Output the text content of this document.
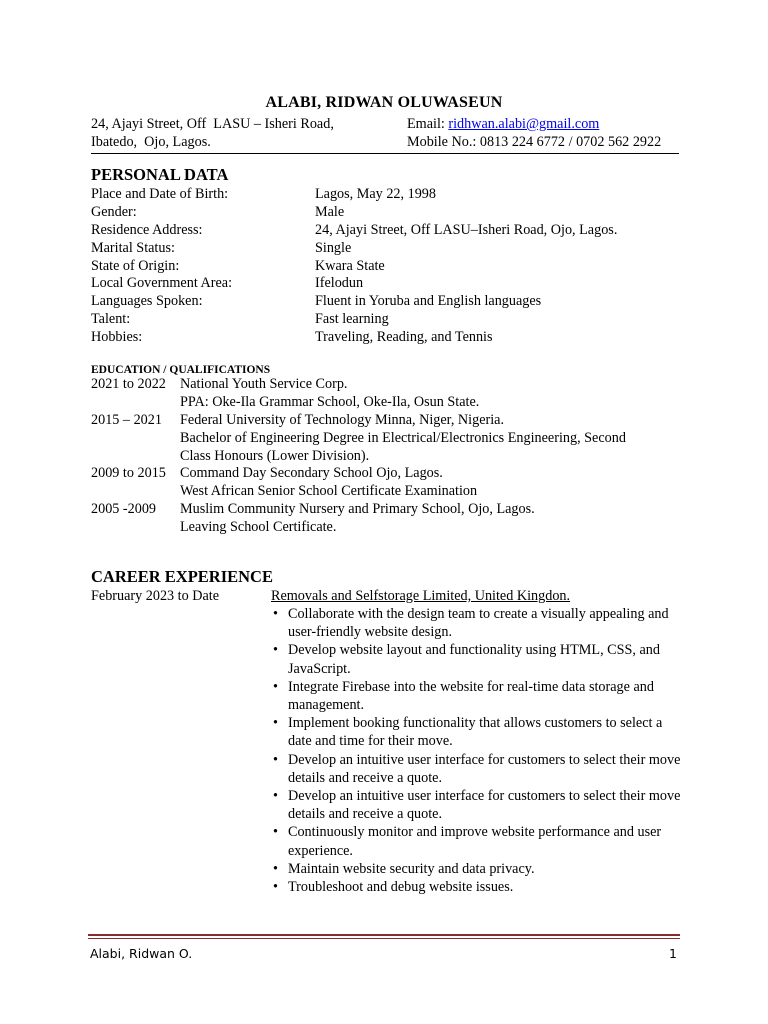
ALABI, RIDWAN OLUWASEUN
24, Ajayi Street, Off  LASU – Isheri Road,	Email: ridhwan.alabi@gmail.com
Ibatedo,  Ojo, Lagos.	Mobile No.: 0813 224 6772 / 0702 562 2922
PERSONAL DATA
Place and Date of Birth:	Lagos, May 22, 1998
Gender:	Male
Residence Address:	24, Ajayi Street, Off LASU–Isheri Road, Ojo, Lagos.
Marital Status:	Single
State of Origin:	Kwara State
Local Government Area:	Ifelodun
Languages Spoken:	Fluent in Yoruba and English languages
Talent:	Fast learning
Hobbies:	Traveling, Reading, and Tennis
EDUCATION / QUALIFICATIONS
2021 to 2022 National Youth Service Corp.
PPA: Oke-Ila Grammar School, Oke-Ila, Osun State.
2015 – 2021	Federal University of Technology Minna, Niger, Nigeria.
Bachelor of Engineering Degree in Electrical/Electronics Engineering, Second
Class Honours (Lower Division).
2009 to 2015 Command Day Secondary School Ojo, Lagos.
West African Senior School Certificate Examination
2005 -2009	Muslim Community Nursery and Primary School, Ojo, Lagos.
Leaving School Certificate.
CAREER EXPERIENCE
February 2023 to Date	Removals and Selfstorage Limited, United Kingdon.
• Collaborate with the design team to create a visually appealing and user-friendly website design.
• Develop website layout and functionality using HTML, CSS, and JavaScript.
• Integrate Firebase into the website for real-time data storage and management.
• Implement booking functionality that allows customers to select a date and time for their move.
• Develop an intuitive user interface for customers to select their move details and receive a quote.
• Develop an intuitive user interface for customers to select their move details and receive a quote.
• Continuously monitor and improve website performance and user experience.
• Maintain website security and data privacy.
• Troubleshoot and debug website issues.
Alabi, Ridwan O.	1
